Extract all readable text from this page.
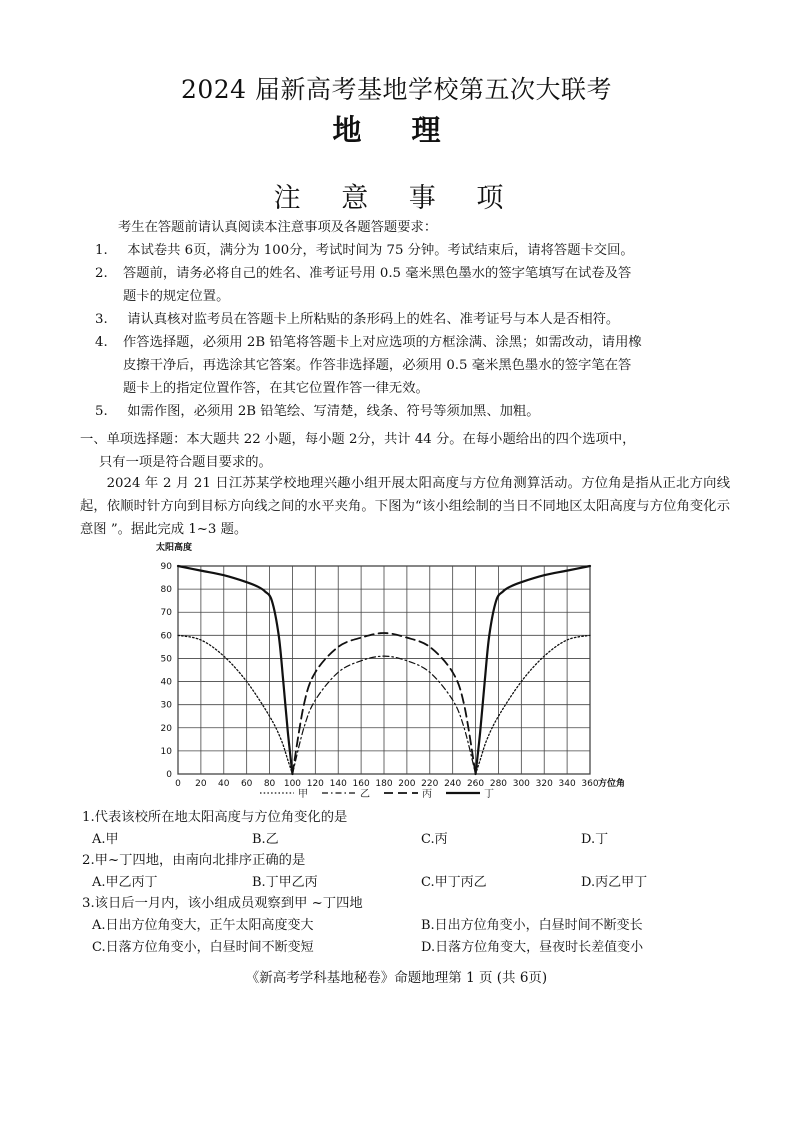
2024 届新高考基地学校第五次大联考
地 理
注 意 事 项
考生在答题前请认真阅读本注意事项及各题答题要求：
1. 本试卷共 6页，满分为 100分，考试时间为 75 分钟。考试结束后，请将答题卡交回。
2. 答题前，请务必将自己的姓名、准考证号用 0.5 毫米黑色墨水的签字笔填写在试卷及答
题卡的规定位置。
3. 请认真核对监考员在答题卡上所粘贴的条形码上的姓名、准考证号与本人是否相符。
4. 作答选择题，必须用 2B 铅笔将答题卡上对应选项的方框涂满、涂黑；如需改动，请用橡
皮擦干净后，再选涂其它答案。作答非选择题，必须用 0.5 毫米黑色墨水的签字笔在答
题卡上的指定位置作答，在其它位置作答一律无效。
5. 如需作图，必须用 2B 铅笔绘、写清楚，线条、符号等须加黑、加粗。
一、单项选择题：本大题共 22 小题，每小题 2分，共计 44 分。在每小题给出的四个选项中，
只有一项是符合题目要求的。
2024 年 2 月 21 日江苏某学校地理兴趣小组开展太阳高度与方位角测算活动。方位角是指从正北方向线起，依顺时针方向到目标方向线之间的水平夹角。下图为“该小组绘制的当日不同地区太阳高度与方位角变化示意图 ”。据此完成 1~3 题。
0 20 40 60 80 100 120 140 160 180 200 220 240 260 280 300 320 340 360
0
10
20
30
40
50
60
70
80
90
太阳高度
方位角
甲	乙	丙	丁
1.代表该校所在地太阳高度与方位角变化的是
A.甲	B.乙	C.丙	D.丁
2.甲~丁四地，由南向北排序正确的是
A.甲乙丙丁	B.丁甲乙丙	C.甲丁丙乙	D.丙乙甲丁
3.该日后一月内，该小组成员观察到甲 ~丁四地
A.日出方位角变大，正午太阳高度变大	B.日出方位角变小，白昼时间不断变长
C.日落方位角变小，白昼时间不断变短	D.日落方位角变大，昼夜时长差值变小
《新高考学科基地秘卷》命题地理第 1 页 (共 6页)
